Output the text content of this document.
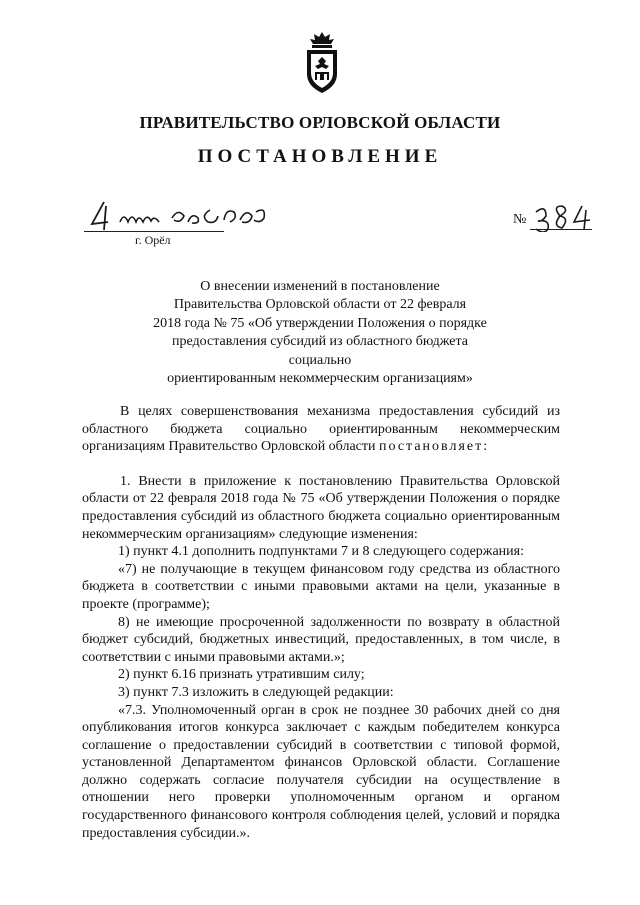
ПРАВИТЕЛЬСТВО ОРЛОВСКОЙ ОБЛАСТИ
ПОСТАНОВЛЕНИЕ
г. Орёл
№
О внесении изменений в постановление
Правительства Орловской области от 22 февраля
2018 года № 75 «Об утверждении Положения о порядке
предоставления субсидий из областного бюджета социально
ориентированным некоммерческим организациям»

В целях совершенствования механизма предоставления субсидий из областного бюджета социально ориентированным некоммерческим организациям Правительство Орловской области постановляет:

1. Внести в приложение к постановлению Правительства Орловской области от 22 февраля 2018 года № 75 «Об утверждении Положения о порядке предоставления субсидий из областного бюджета социально ориентированным некоммерческим организациям» следующие изменения:

1) пункт 4.1 дополнить подпунктами 7 и 8 следующего содержания:

«7) не получающие в текущем финансовом году средства из областного бюджета в соответствии с иными правовыми актами на цели, указанные в проекте (программе);

8) не имеющие просроченной задолженности по возврату в областной бюджет субсидий, бюджетных инвестиций, предоставленных, в том числе, в соответствии с иными правовыми актами.»;

2) пункт 6.16 признать утратившим силу;

3) пункт 7.3 изложить в следующей редакции:

«7.3. Уполномоченный орган в срок не позднее 30 рабочих дней со дня опубликования итогов конкурса заключает с каждым победителем конкурса соглашение о предоставлении субсидий в соответствии с типовой формой, установленной Департаментом финансов Орловской области. Соглашение должно содержать согласие получателя субсидии на осуществление в отношении него проверки уполномоченным органом и органом государственного финансового контроля соблюдения целей, условий и порядка предоставления субсидии.».
